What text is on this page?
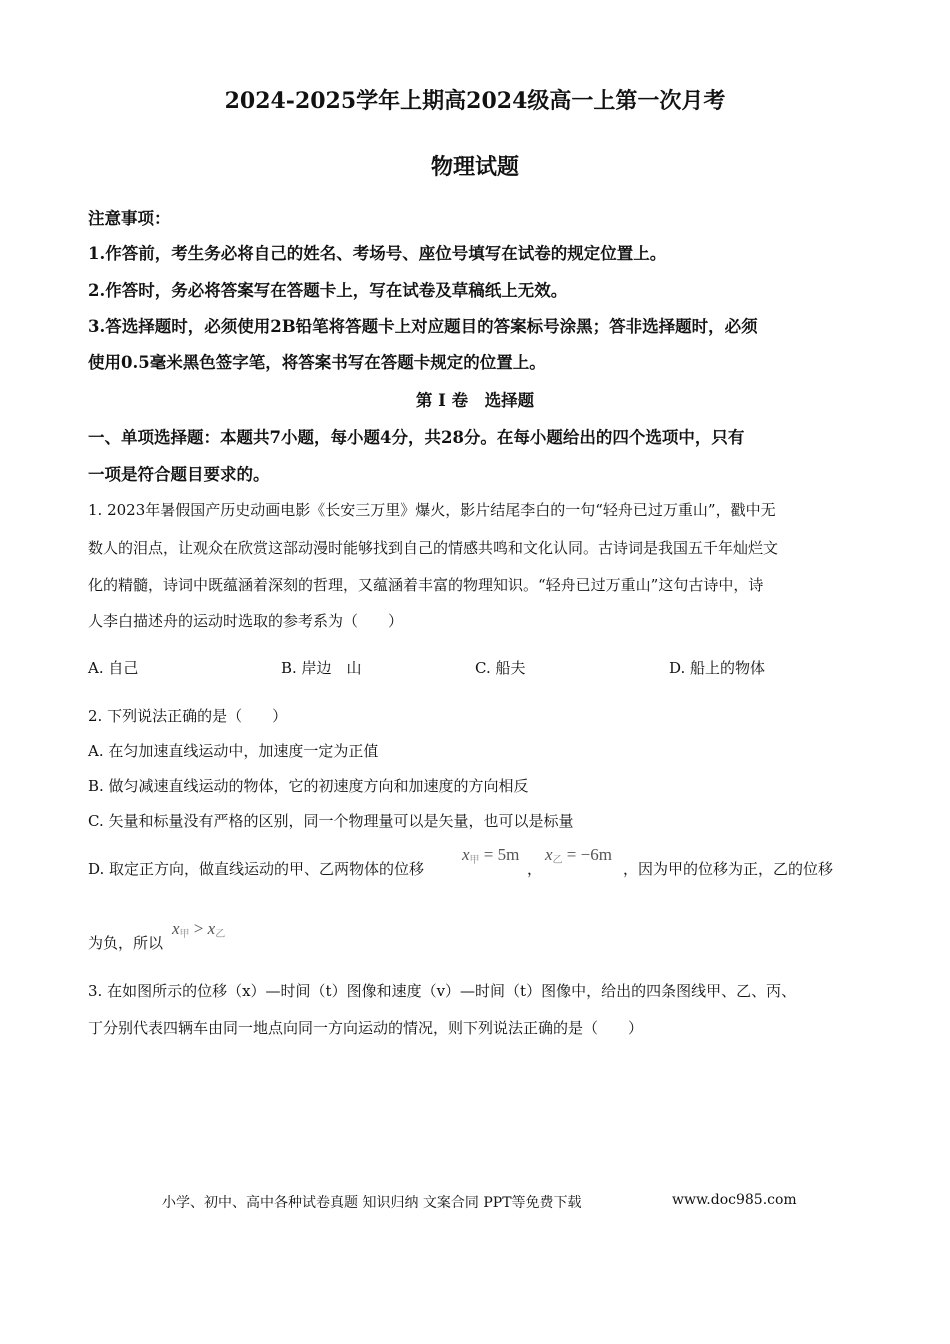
2024-2025学年上期高2024级高一上第一次月考
物理试题
注意事项：
1.作答前，考生务必将自己的姓名、考场号、座位号填写在试卷的规定位置上。
2.作答时，务必将答案写在答题卡上，写在试卷及草稿纸上无效。
3.答选择题时，必须使用2B铅笔将答题卡上对应题目的答案标号涂黑；答非选择题时，必须
使用0.5毫米黑色签字笔，将答案书写在答题卡规定的位置上。
第 I 卷　选择题
一、单项选择题：本题共7小题，每小题4分，共28分。在每小题给出的四个选项中，只有
一项是符合题目要求的。
1. 2023年暑假国产历史动画电影《长安三万里》爆火，影片结尾李白的一句“轻舟已过万重山”，戳中无
数人的泪点，让观众在欣赏这部动漫时能够找到自己的情感共鸣和文化认同。古诗词是我国五千年灿烂文
化的精髓，诗词中既蕴涵着深刻的哲理，又蕴涵着丰富的物理知识。“轻舟已过万重山”这句古诗中，诗
人李白描述舟的运动时选取的参考系为（　　）
A. 自己	B. 岸边　山	C. 船夫	D. 船上的物体
2. 下列说法正确的是（　　）
A. 在匀加速直线运动中，加速度一定为正值
B. 做匀减速直线运动的物体，它的初速度方向和加速度的方向相反
C. 矢量和标量没有严格的区别，同一个物理量可以是矢量，也可以是标量
D. 取定正方向，做直线运动的甲、乙两物体的位移
$x_甲 = 5m$
，
$x_乙 = -6m$
，因为甲的位移为正，乙的位移
为负，所以
$x_甲 > x_乙$
3. 在如图所示的位移（x）—时间（t）图像和速度（v）—时间（t）图像中，给出的四条图线甲、乙、丙、
丁分别代表四辆车由同一地点向同一方向运动的情况，则下列说法正确的是（　　）
小学、初中、高中各种试卷真题 知识归纳 文案合同 PPT等免费下载	www.doc985.com
